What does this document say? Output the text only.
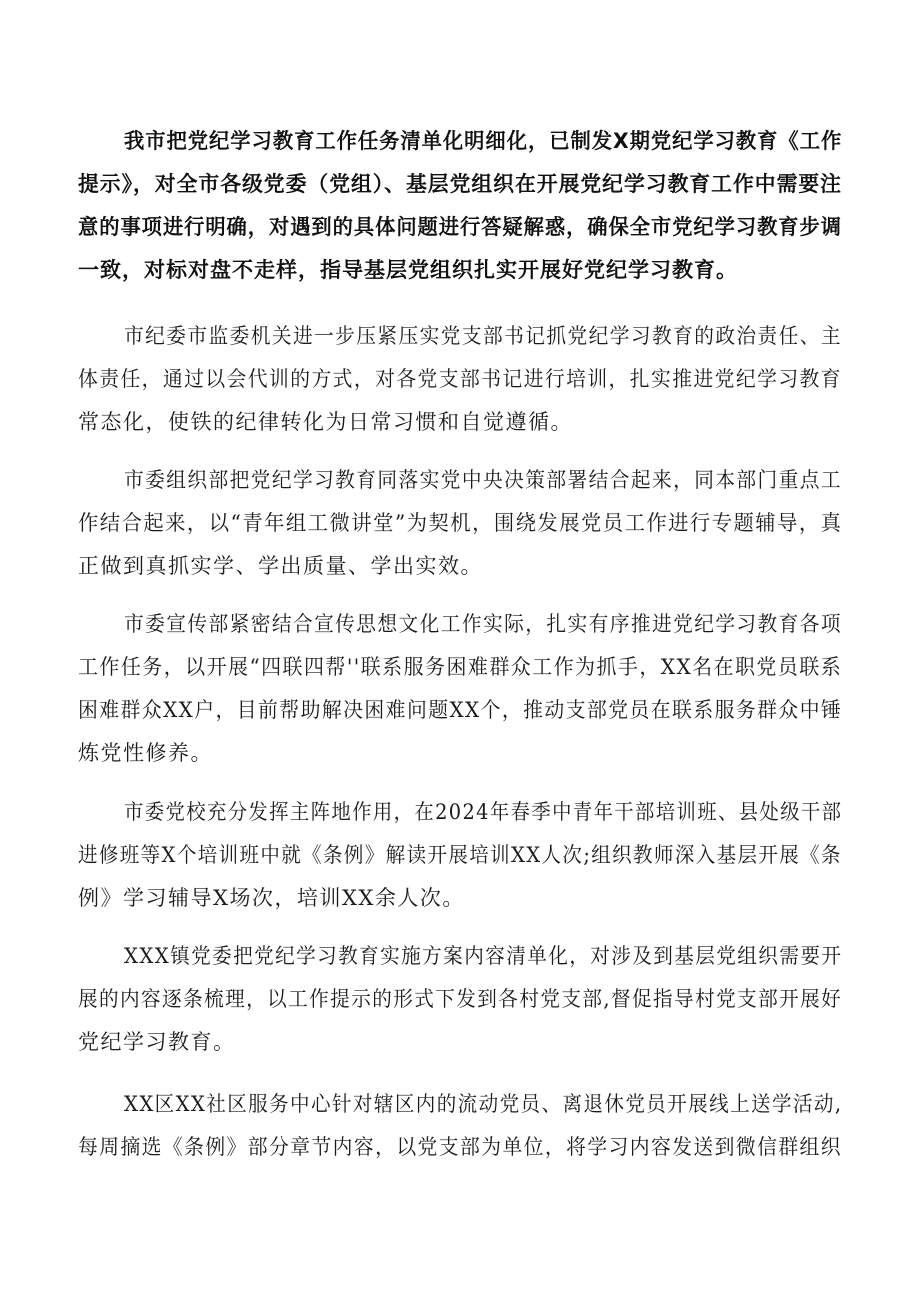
我市把党纪学习教育工作任务清单化明细化，已制发X期党纪学习教育《工作
提示》，对全市各级党委（党组）、基层党组织在开展党纪学习教育工作中需要注
意的事项进行明确，对遇到的具体问题进行答疑解惑，确保全市党纪学习教育步调
一致，对标对盘不走样，指导基层党组织扎实开展好党纪学习教育。
市纪委市监委机关进一步压紧压实党支部书记抓党纪学习教育的政治责任、主
体责任，通过以会代训的方式，对各党支部书记进行培训，扎实推进党纪学习教育
常态化，使铁的纪律转化为日常习惯和自觉遵循。
市委组织部把党纪学习教育同落实党中央决策部署结合起来，同本部门重点工
作结合起来，以“青年组工微讲堂”为契机，围绕发展党员工作进行专题辅导，真
正做到真抓实学、学出质量、学出实效。
市委宣传部紧密结合宣传思想文化工作实际，扎实有序推进党纪学习教育各项
工作任务，以开展“四联四帮''联系服务困难群众工作为抓手，XX名在职党员联系
困难群众XX户，目前帮助解决困难问题XX个，推动支部党员在联系服务群众中锤
炼党性修养。
市委党校充分发挥主阵地作用，在2024年春季中青年干部培训班、县处级干部
进修班等X个培训班中就《条例》解读开展培训XX人次;组织教师深入基层开展《条
例》学习辅导X场次，培训XX余人次。
XXX镇党委把党纪学习教育实施方案内容清单化，对涉及到基层党组织需要开
展的内容逐条梳理，以工作提示的形式下发到各村党支部,督促指导村党支部开展好
党纪学习教育。
XX区XX社区服务中心针对辖区内的流动党员、离退休党员开展线上送学活动,
每周摘选《条例》部分章节内容，以党支部为单位，将学习内容发送到微信群组织
